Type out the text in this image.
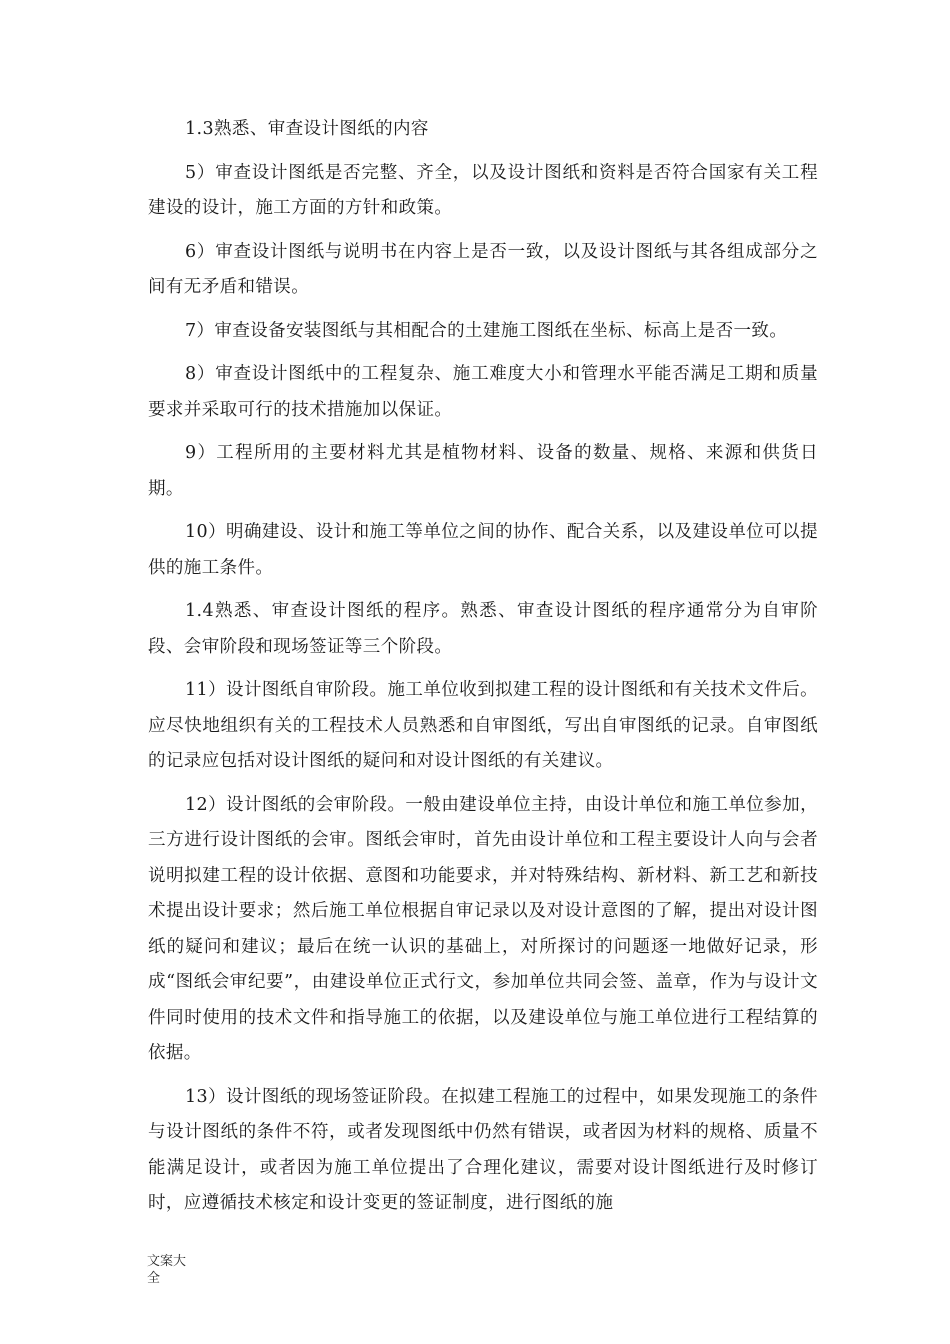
1.3熟悉、审查设计图纸的内容

5）审查设计图纸是否完整、齐全，以及设计图纸和资料是否符合国家有关工程建设的设计，施工方面的方针和政策。

6）审查设计图纸与说明书在内容上是否一致，以及设计图纸与其各组成部分之间有无矛盾和错误。

7）审查设备安装图纸与其相配合的土建施工图纸在坐标、标高上是否一致。

8）审查设计图纸中的工程复杂、施工难度大小和管理水平能否满足工期和质量要求并采取可行的技术措施加以保证。

9）工程所用的主要材料尤其是植物材料、设备的数量、规格、来源和供货日期。

10）明确建设、设计和施工等单位之间的协作、配合关系，以及建设单位可以提供的施工条件。

1.4熟悉、审查设计图纸的程序。熟悉、审查设计图纸的程序通常分为自审阶段、会审阶段和现场签证等三个阶段。

11）设计图纸自审阶段。施工单位收到拟建工程的设计图纸和有关技术文件后。应尽快地组织有关的工程技术人员熟悉和自审图纸，写出自审图纸的记录。自审图纸的记录应包括对设计图纸的疑问和对设计图纸的有关建议。

12）设计图纸的会审阶段。一般由建设单位主持，由设计单位和施工单位参加，三方进行设计图纸的会审。图纸会审时，首先由设计单位和工程主要设计人向与会者说明拟建工程的设计依据、意图和功能要求，并对特殊结构、新材料、新工艺和新技术提出设计要求；然后施工单位根据自审记录以及对设计意图的了解，提出对设计图纸的疑问和建议；最后在统一认识的基础上，对所探讨的问题逐一地做好记录，形成“图纸会审纪要”，由建设单位正式行文，参加单位共同会签、盖章，作为与设计文件同时使用的技术文件和指导施工的依据，以及建设单位与施工单位进行工程结算的依据。

13）设计图纸的现场签证阶段。在拟建工程施工的过程中，如果发现施工的条件与设计图纸的条件不符，或者发现图纸中仍然有错误，或者因为材料的规格、质量不能满足设计，或者因为施工单位提出了合理化建议，需要对设计图纸进行及时修订时，应遵循技术核定和设计变更的签证制度，进行图纸的施

文案大全
